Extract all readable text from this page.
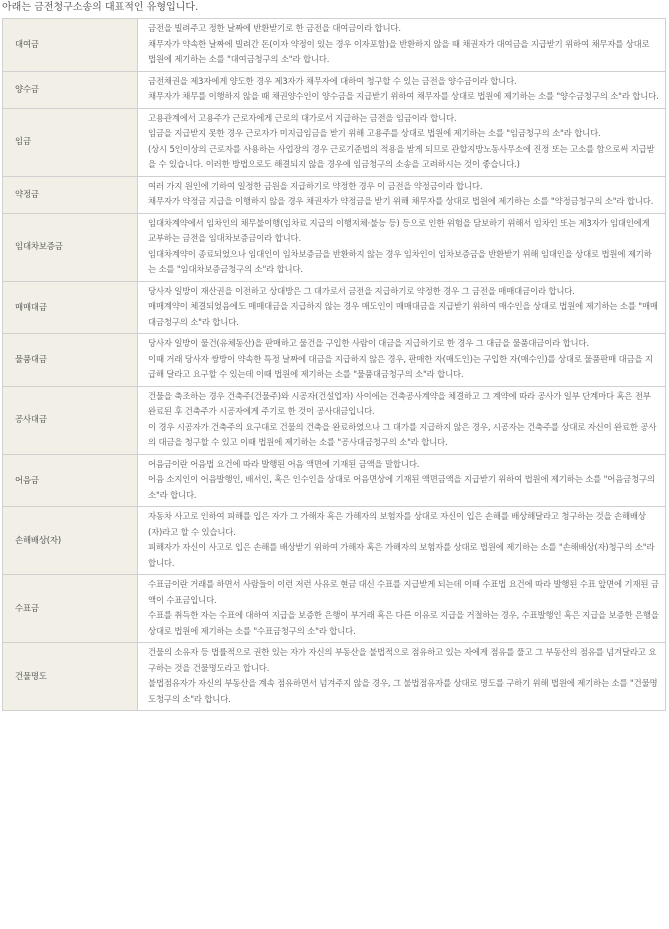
아래는 금전청구소송의 대표적인 유형입니다.
대여금	금전을 빌려주고 정한 날짜에 반환받기로 한 금전을 대여금이라 합니다.

채무자가 약속한 날짜에 빌려간 돈(이자 약정이 있는 경우 이자포함)을 반환하지 않을 때 채권자가 대여금을 지급받기 위하여 채무자를 상대로 법원에 제기하는 소를 "대여금청구의 소"라 합니다.

양수금	금전채권을 제3자에게 양도한 경우 제3자가 채무자에 대하여 청구할 수 있는 금전을 양수금이라 합니다.

채무자가 채무를 이행하지 않을 때 채권양수인이 양수금을 지급받기 위하여 채무자를 상대로 법원에 제기하는 소를 "양수금청구의 소"라 합니다.

임금	고용관계에서 고용주가 근로자에게 근로의 대가로서 지급하는 금전을 임금이라 합니다.

임금을 지급받지 못한 경우 근로자가 미지급임금을 받기 위해 고용주를 상대로 법원에 제기하는 소를 "임금청구의 소"라 합니다.

(상시 5인이상의 근로자를 사용하는 사업장의 경우 근로기준법의 적용을 받게 되므로 관할지방노동사무소에 진정 또는 고소를 함으로써 지급받을 수 있습니다. 이러한 방법으로도 해결되지 않을 경우에 임금청구의 소송을 고려하시는 것이 좋습니다.)

약정금	여러 가지 원인에 기하여 일정한 금원을 지급하기로 약정한 경우 이 금전을 약정금이라 합니다.

채무자가 약정금 지급을 이행하지 않을 경우 채권자가 약정금을 받기 위해 채무자를 상대로 법원에 제기하는 소를 "약정금청구의 소"라 합니다.

임대차보증금	임대차계약에서 임차인의 채무불이행(임차료 지급의 이행지체·불능 등) 등으로 인한 위험을 담보하기 위해서 임차인 또는 제3자가 임대인에게 교부하는 금전을 임대차보증금이라 합니다.

임대차계약이 종료되었으나 임대인이 임차보증금을 반환하지 않는 경우 임차인이 임차보증금을 반환받기 위해 임대인을 상대로 법원에 제기하는 소를 "임대차보증금청구의 소"라 합니다.

매매대금	당사자 일방이 재산권을 이전하고 상대방은 그 대가로서 금전을 지급하기로 약정한 경우 그 금전을 매매대금이라 합니다.

매매계약이 체결되었음에도 매매대금을 지급하지 않는 경우 매도인이 매매대금을 지급받기 위하여 매수인을 상대로 법원에 제기하는 소를 "매매대금청구의 소"라 합니다.

물품대금	당사자 일방이 물건(유체동산)을 판매하고 물건을 구입한 사람이 대금을 지급하기로 한 경우 그 대금을 물품대금이라 합니다.

이때 거래 당사자 쌍방이 약속한 특정 날짜에 대금을 지급하지 않은 경우, 판매한 자(매도인)는 구입한 자(매수인)를 상대로 물품판매 대금을 지급해 달라고 요구할 수 있는데 이때 법원에 제기하는 소를 "물품대금청구의 소"라 합니다.

공사대금	건물을 축조하는 경우 건축주(건물주)와 시공자(건설업자) 사이에는 건축공사계약을 체결하고 그 계약에 따라 공사가 일부 단계마다 혹은 전부 완료된 후 건축주가 시공자에게 주기로 한 것이 공사대금입니다.

이 경우 시공자가 건축주의 요구대로 건물의 건축을 완료하였으나 그 대가를 지급하지 않은 경우, 시공자는 건축주를 상대로 자신이 완료한 공사의 대금을 청구할 수 있고 이때 법원에 제기하는 소를 "공사대금청구의 소"라 합니다.

어음금	어음금이란 어음법 요건에 따라 발행된 어음 액면에 기재된 금액을 말합니다.

어음 소지인이 어음발행인, 배서인, 혹은 인수인을 상대로 어음면상에 기재된 액면금액을 지급받기 위하여 법원에 제기하는 소를 "어음금청구의 소"라 합니다.

손해배상(자)	자동차 사고로 인하여 피해를 입은 자가 그 가해자 혹은 가해자의 보험자를 상대로 자신이 입은 손해를 배상해달라고 청구하는 것을 손해배상(자)라고 할 수 있습니다.

피해자가 자신이 사고로 입은 손해를 배상받기 위하여 가해자 혹은 가해자의 보험자를 상대로 법원에 제기하는 소를 "손해배상(자)청구의 소"라 합니다.

수표금	수표금이란 거래를 하면서 사람들이 이런 저런 사유로 현금 대신 수표를 지급받게 되는데 이때 수표법 요건에 따라 발행된 수표 앞면에 기재된 금액이 수표금입니다.

수표를 취득한 자는 수표에 대하여 지급을 보증한 은행이 부거래 혹은 다른 이유로 지급을 거절하는 경우, 수표발행인 혹은 지급을 보증한 은행을 상대로 법원에 제기하는 소를 "수표금청구의 소"라 합니다.

건물명도	건물의 소유자 등 법률적으로 권한 있는 자가 자신의 부동산을 불법적으로 점유하고 있는 자에게 점유를 풀고 그 부동산의 점유를 넘겨달라고 요구하는 것을 건물명도라고 합니다.

불법점유자가 자신의 부동산을 계속 점유하면서 넘겨주지 않을 경우, 그 불법점유자를 상대로 명도를 구하기 위해 법원에 제기하는 소를 "건물명도청구의 소"라 합니다.
